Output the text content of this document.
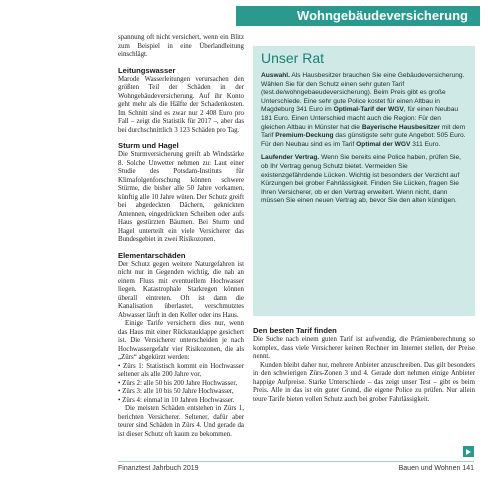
Wohngebäudeversicherung

spannung oft nicht versichert, wenn ein Blitz zum Beispiel in eine Überlandleitung einschlägt.

Leitungswasser

Marode Wasserleitungen verursachen den größten Teil der Schäden in der Wohngebäudeversicherung. Auf ihr Konto geht mehr als die Hälfte der Schadenkosten. Im Schnitt sind es zwar nur 2 408 Euro pro Fall – zeigt die Statistik für 2017 –, aber das bei durchschnittlich 3 123 Schäden pro Tag.

Sturm und Hagel

Die Sturmversicherung greift ab Windstärke 8. Solche Unwetter nehmen zu: Laut einer Studie des Potsdam-Instituts für Klimafolgenforschung können schwere Stürme, die bisher alle 50 Jahre vorkamen, künftig alle 10 Jahre wüten. Der Schutz greift bei abgedeckten Dächern, geknickten Antennen, eingedrückten Scheiben oder aufs Haus gestürzten Bäumen. Bei Sturm und Hagel unterteilt ein viele Versicherer das Bundesgebiet in zwei Risikozonen.

Elementarschäden

Der Schutz gegen weitere Naturgefahren ist nicht nur in Gegenden wichtig, die nah an einem Fluss mit eventuellem Hochwasser liegen. Katastrophale Starkregen können überall eintreten. Oft ist dann die Kanalisation überlastet, verschmutztes Abwasser läuft in den Keller oder ins Haus.

Einige Tarife versichern dies nur, wenn das Haus mit einer Rückstauklappe gesichert ist. Die Versicherer unterscheiden je nach Hochwassergefahr vier Risikozonen, die als „Zürs“ abgekürzt werden:

• Zürs 1: Statistisch kommt ein Hochwasser seltener als alle 200 Jahre vor,

• Zürs 2: alle 50 bis 200 Jahre Hochwasser,

• Zürs 3: alle 10 bis 50 Jahre Hochwasser,

• Zürs 4: einmal in 10 Jahren Hochwasser.

Die meisten Schäden entstehen in Zürs 1, berichten Versicherer. Seltener, dafür aber teurer sind Schäden in Zürs 4. Und gerade da ist dieser Schutz oft kaum zu bekommen.

Unser Rat

Auswahl. Als Hausbesitzer brauchen Sie eine Gebäudeversicherung. Wählen Sie für den Schutz einen sehr guten Tarif (test.de/wohngebaeudeversicherung). Beim Preis gibt es große Unterschiede. Eine sehr gute Police kostet für einen Altbau in Magdeburg 341 Euro im Optimal-Tarif der WGV, für einen Neubau 181 Euro. Einen Unterschied macht auch die Region: Für den gleichen Altbau in Münster hat die Bayerische Hausbesitzer mit dem Tarif Premium-Deckung das günstigste sehr gute Angebot: 505 Euro. Für den Neubau sind es im Tarif Optimal der WGV 311 Euro.

Laufender Vertrag. Wenn Sie bereits eine Police haben, prüfen Sie, ob Ihr Vertrag genug Schutz bietet. Vermeiden Sie existenzgefährdende Lücken. Wichtig ist besonders der Verzicht auf Kürzungen bei grober Fahrlässigkeit. Finden Sie Lücken, fragen Sie Ihren Versicherer, ob er den Vertrag erweitert. Wenn nicht, dann müssen Sie einen neuen Vertrag ab, bevor Sie den alten kündigen.

Den besten Tarif finden

Die Suche nach einem guten Tarif ist aufwendig, die Prämienberechnung so komplex, dass viele Versicherer keinen Rechner im Internet stellen, der Preise nennt.

Kunden bleibt daher nur, mehrere Anbieter anzuschreiben. Das gilt besonders in den schwierigen Zürs-Zonen 3 und 4. Gerade dort nehmen einige Anbieter happige Aufpreise. Starke Unterschiede – das zeigt unser Test – gibt es beim Preis. Alle in das ist ein guter Grund, die eigene Police zu prüfen. Nur allein teure Tarife bieten vollen Schutz auch bei grober Fahrlässigkeit.

Finanztest Jahrbuch 2019	Bauen und Wohnen 141
